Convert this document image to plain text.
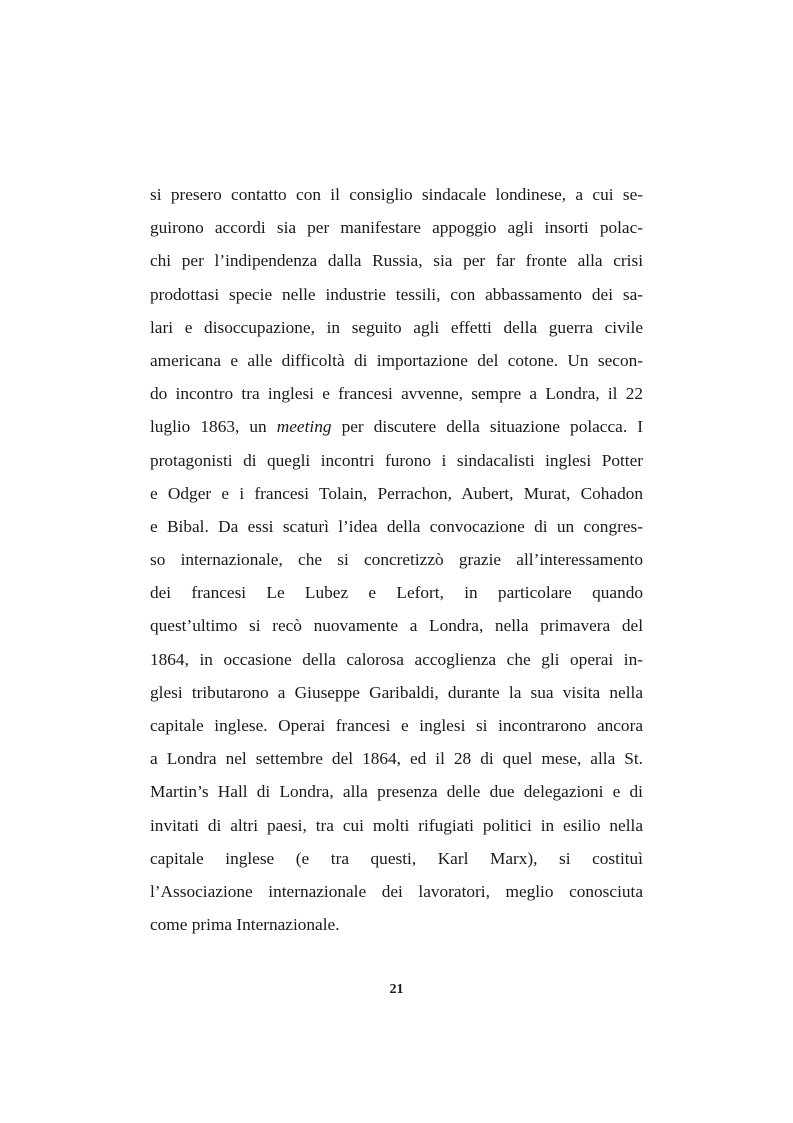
si presero contatto con il consiglio sindacale londinese, a cui se-
guirono accordi sia per manifestare appoggio agli insorti polac-
chi per l’indipendenza dalla Russia, sia per far fronte alla crisi
prodottasi specie nelle industrie tessili, con abbassamento dei sa-
lari e disoccupazione, in seguito agli effetti della guerra civile
americana e alle difficoltà di importazione del cotone. Un secon-
do incontro tra inglesi e francesi avvenne, sempre a Londra, il 22
luglio 1863, un meeting per discutere della situazione polacca. I
protagonisti di quegli incontri furono i sindacalisti inglesi Potter
e Odger e i francesi Tolain, Perrachon, Aubert, Murat, Cohadon
e Bibal. Da essi scaturì l’idea della convocazione di un congres-
so internazionale, che si concretizzò grazie all’interessamento
dei francesi Le Lubez e Lefort, in particolare quando
quest’ultimo si recò nuovamente a Londra, nella primavera del
1864, in occasione della calorosa accoglienza che gli operai in-
glesi tributarono a Giuseppe Garibaldi, durante la sua visita nella
capitale inglese. Operai francesi e inglesi si incontrarono ancora
a Londra nel settembre del 1864, ed il 28 di quel mese, alla St.
Martin’s Hall di Londra, alla presenza delle due delegazioni e di
invitati di altri paesi, tra cui molti rifugiati politici in esilio nella
capitale inglese (e tra questi, Karl Marx), si costituì
l’Associazione internazionale dei lavoratori, meglio conosciuta
come prima Internazionale.
21
